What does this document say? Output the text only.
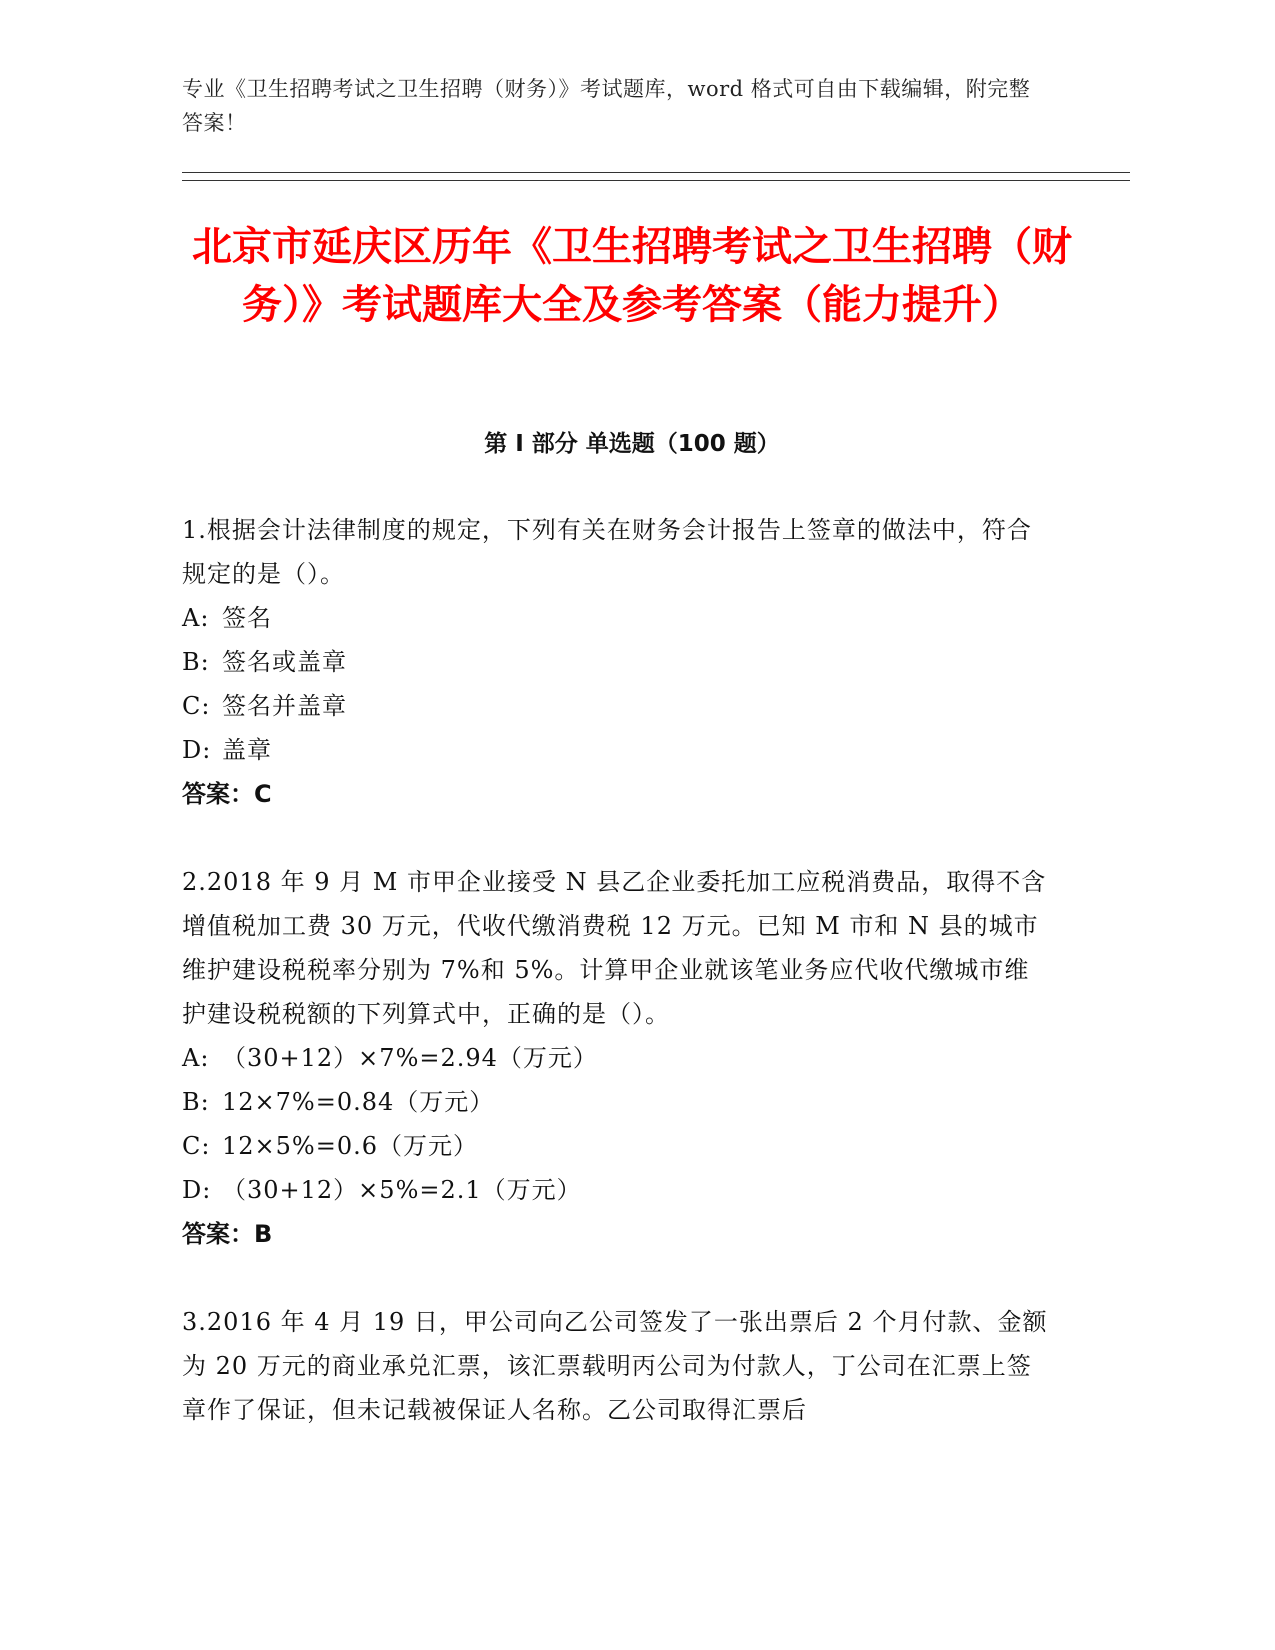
专业《卫生招聘考试之卫生招聘（财务）》考试题库，word 格式可自由下载编辑，附完整答案！
北京市延庆区历年《卫生招聘考试之卫生招聘（财务）》考试题库大全及参考答案（能力提升）
第 I 部分 单选题（100 题）

1.根据会计法律制度的规定，下列有关在财务会计报告上签章的做法中，符合规定的是（）。

A: 签名

B: 签名或盖章

C: 签名并盖章

D: 盖章

答案：C

2.2018 年 9 月 M 市甲企业接受 N 县乙企业委托加工应税消费品，取得不含增值税加工费 30 万元，代收代缴消费税 12 万元。已知 M 市和 N 县的城市维护建设税税率分别为 7%和 5%。计算甲企业就该笔业务应代收代缴城市维护建设税税额的下列算式中，正确的是（）。

A: （30+12）×7%=2.94（万元）

B: 12×7%=0.84（万元）

C: 12×5%=0.6（万元）

D: （30+12）×5%=2.1（万元）

答案：B

3.2016 年 4 月 19 日，甲公司向乙公司签发了一张出票后 2 个月付款、金额为 20 万元的商业承兑汇票，该汇票载明丙公司为付款人，丁公司在汇票上签章作了保证，但未记载被保证人名称。乙公司取得汇票后
